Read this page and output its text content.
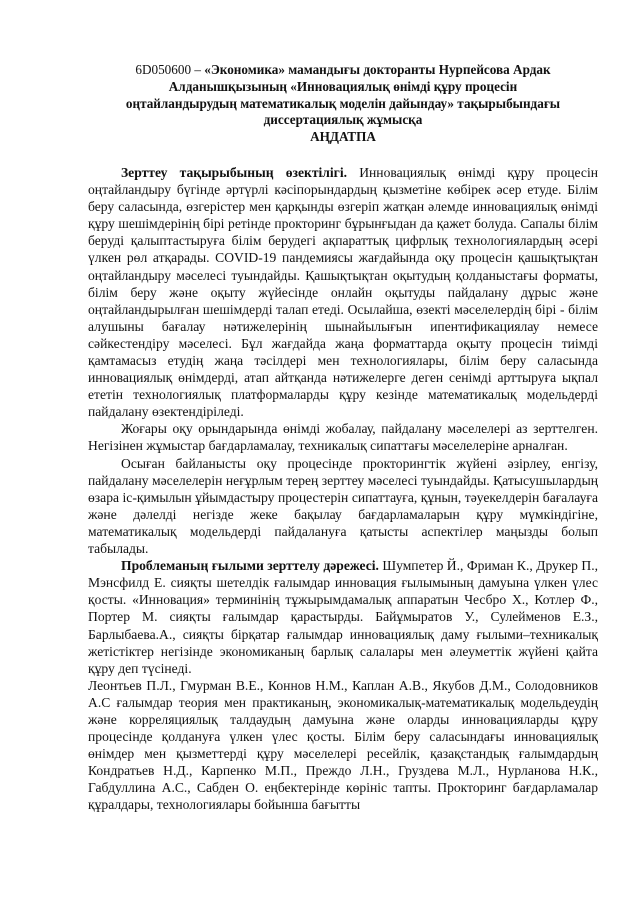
6D050600 – «Экономика» мамандығы докторанты Нурпейсова Ардак
Алданышқызының «Инновациялық өнімді құру процесін
оңтайландырудың математикалық моделін дайындау» тақырыбындағы
диссертациялық жұмысқа
АҢДАТПА

Зерттеу тақырыбының өзектілігі. Инновациялық өнімді құру процесін оңтайландыру бүгінде әртүрлі кәсіпорындардың қызметіне көбірек әсер етуде. Білім беру саласында, өзгерістер мен қарқынды өзгеріп жатқан әлемде инновациялық өнімді құру шешімдерінің бірі ретінде прокторинг бұрынғыдан да қажет болуда. Сапалы білім беруді қалыптастыруға білім берудегі ақпараттық цифрлық технологиялардың әсері үлкен рөл атқарады. COVID-19 пандемиясы жағдайында оқу процесін қашықтықтан оңтайландыру мәселесі туындайды. Қашықтықтан оқытудың қолданыстағы форматы, білім беру және оқыту жүйесінде онлайн оқытуды пайдалану дұрыс және оңтайландырылған шешімдерді талап етеді. Осылайша, өзекті мәселелердің бірі - білім алушыны бағалау нәтижелерінің шынайылығын ипентификациялау немесе сәйкестендіру мәселесі. Бұл жағдайда жаңа форматтарда оқыту процесін тиімді қамтамасыз етудің жаңа тәсілдері мен технологиялары, білім беру саласында инновациялық өнімдерді, атап айтқанда нәтижелерге деген сенімді арттыруға ықпал ететін технологиялық платформаларды құру кезінде математикалық модельдерді пайдалану өзектендіріледі.

Жоғары оқу орындарында өнімді жобалау, пайдалану мәселелері аз зерттелген. Негізінен жұмыстар бағдарламалау, техникалық сипаттағы мәселелеріне арналған.

Осыған байланысты оқу процесінде прокторингтік жүйені әзірлеу, енгізу, пайдалану мәселелерін неғұрлым терең зерттеу мәселесі туындайды. Қатысушылардың өзара іс-қимылын ұйымдастыру процестерін сипаттауға, құнын, тәуекелдерін бағалауға және дәлелді негізде жеке бақылау бағдарламаларын құру мүмкіндігіне, математикалық модельдерді пайдалануға қатысты аспектілер маңызды болып табылады.

Проблеманың ғылыми зерттелу дәрежесі. Шумпетер Й., Фриман К., Друкер П., Мэнсфилд Е. сияқты шетелдік ғалымдар инновация ғылымының дамуына үлкен үлес қосты. «Инновация» терминінің тұжырымдамалық аппаратын Чесбро Х., Котлер Ф., Портер М. сияқты ғалымдар қарастырды. Байұмыратов У., Сулейменов Е.З., Барлыбаева.А., сияқты бірқатар ғалымдар инновациялық даму ғылыми–техникалық жетістіктер негізінде экономиканың барлық салалары мен әлеуметтік жүйені қайта құру деп түсінеді.

Леонтьев П.Л., Гмурман В.Е., Коннов Н.М., Каплан А.В., Якубов Д.М., Солодовников А.С ғалымдар теория мен практиканың, экономикалық-математикалық модельдеудің және корреляциялық талдаудың дамуына және оларды инновацияларды құру процесінде қолдануға үлкен үлес қосты. Білім беру саласындағы инновациялық өнімдер мен қызметтерді құру мәселелері ресейлік, қазақстандық ғалымдардың Кондратьев Н.Д., Карпенко М.П., Преждо Л.Н., Груздева М.Л., Нурланова Н.К., Габдуллина А.С., Сабден О. еңбектерінде көрініс тапты. Прокторинг бағдарламалар құралдары, технологиялары бойынша бағытты
